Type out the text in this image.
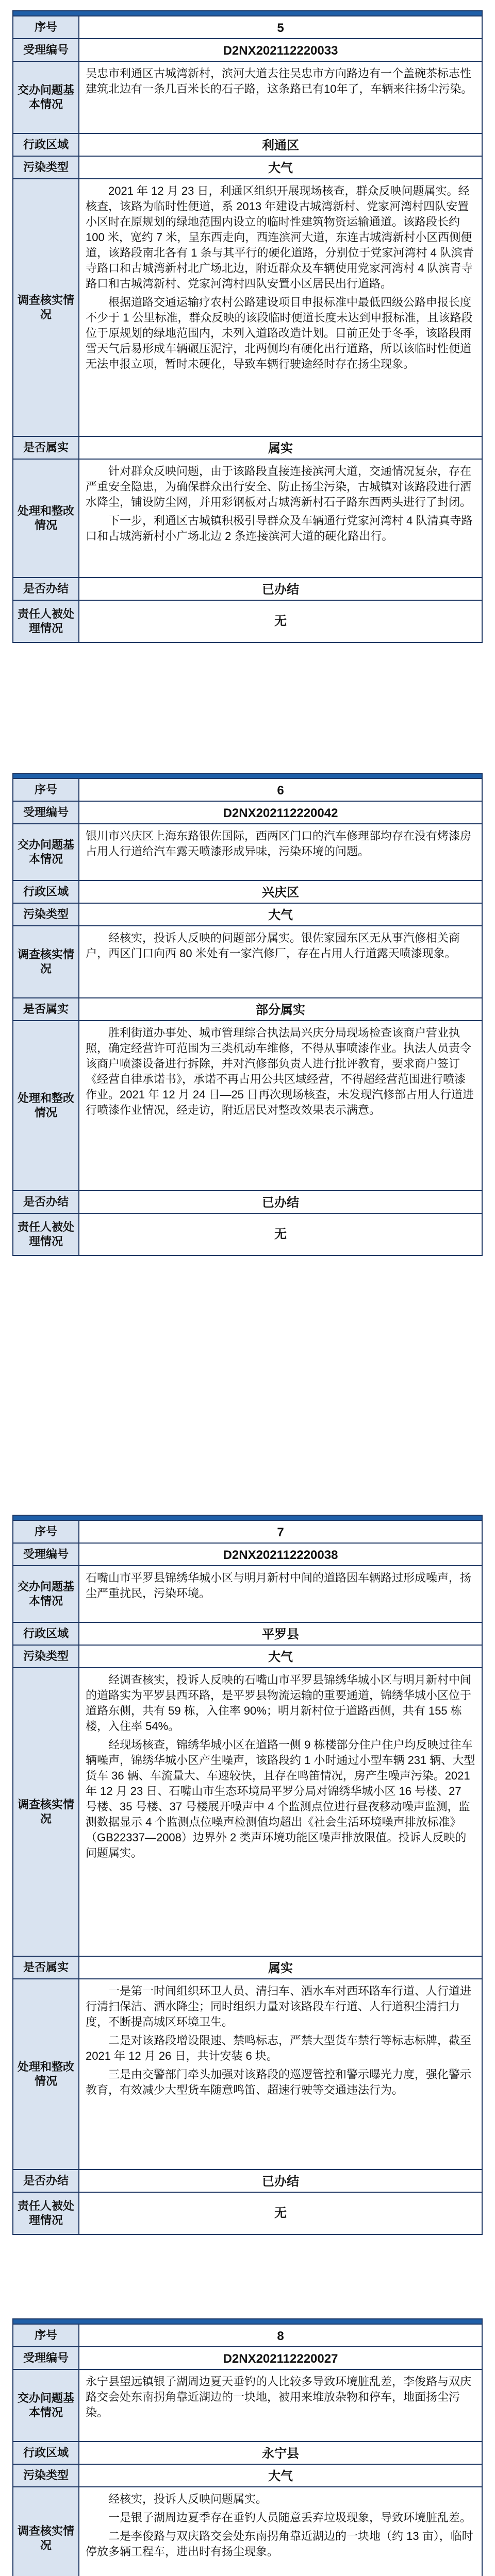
序号	5
受理编号	D2NX202112220033
交办问题基本情况
吴忠市利通区古城湾新村，滨河大道去往吴忠市方向路边有一个盖碗茶标志性建筑北边有一条几百米长的石子路，这条路已有10年了，车辆来往扬尘污染。
行政区域	利通区
污染类型	大气
调查核实情况

2021 年 12 月 23 日，利通区组织开展现场核查，群众反映问题属实。经核查，该路为临时性便道，系 2013 年建设古城湾新村、党家河湾村四队安置小区时在原规划的绿地范围内设立的临时性建筑物资运输通道。该路段长约 100 米，宽约 7 米，呈东西走向，西连滨河大道，东连古城湾新村小区西侧便道，该路段南北各有 1 条与其平行的硬化道路，分别位于党家河湾村 4 队滨青寺路口和古城湾新村北广场北边，附近群众及车辆使用党家河湾村 4 队滨青寺路口和古城湾新村、党家河湾村四队安置小区居民出行道路。

根据道路交通运输疗农村公路建设项目申报标准中最低四级公路申报长度不少于 1 公里标准，群众反映的该段临时便道长度未达到申报标准，且该路段位于原规划的绿地范围内，未列入道路改造计划。目前正处于冬季，该路段雨雪天气后易形成车辆碾压泥泞，北两侧均有硬化出行道路，所以该临时性便道无法申报立项，暂时未硬化，导致车辆行驶途经时存在扬尘现象。

是否属实	属实
处理和整改情况

针对群众反映问题，由于该路段直接连接滨河大道，交通情况复杂，存在严重安全隐患，为确保群众出行安全、防止扬尘污染，古城镇对该路段进行洒水降尘，铺设防尘网，并用彩钢板对古城湾新村石子路东西两头进行了封闭。

下一步，利通区古城镇积极引导群众及车辆通行党家河湾村 4 队清真寺路口和古城湾新村小广场北边 2 条连接滨河大道的硬化路出行。

是否办结	已办结
责任人被处理情况
无
序号	6
受理编号	D2NX202112220042
交办问题基本情况
银川市兴庆区上海东路银佐国际，西两区门口的汽车修理部均存在没有烤漆房占用人行道给汽车露天喷漆形成异味，污染环境的问题。
行政区域	兴庆区
污染类型	大气
调查核实情况

经核实，投诉人反映的问题部分属实。银佐家园东区无从事汽修相关商户，西区门口向西 80 米处有一家汽修厂，存在占用人行道露天喷漆现象。

是否属实	部分属实
处理和整改情况

胜利街道办事处、城市管理综合执法局兴庆分局现场检查该商户营业执照，确定经营许可范围为三类机动车维修，不得从事喷漆作业。执法人员责令该商户喷漆设备进行拆除，并对汽修部负责人进行批评教育，要求商户签订《经营自律承诺书》，承诺不再占用公共区域经营，不得超经营范围进行喷漆作业。2021 年 12 月 24 日—25 日再次现场核查，未发现汽修部占用人行道进行喷漆作业情况，经走访，附近居民对整改效果表示满意。

是否办结	已办结
责任人被处理情况
无
序号	7
受理编号	D2NX202112220038
交办问题基本情况
石嘴山市平罗县锦绣华城小区与明月新村中间的道路因车辆路过形成噪声，扬尘严重扰民，污染环境。
行政区域	平罗县
污染类型	大气
调查核实情况

经调查核实，投诉人反映的石嘴山市平罗县锦绣华城小区与明月新村中间的道路实为平罗县西环路，是平罗县物流运输的重要通道，锦绣华城小区位于道路东侧，共有 59 栋，入住率 90%；明月新村位于道路西侧，共有 155 栋楼，入住率 54%。

经现场核查，锦绣华城小区在道路一侧 9 栋楼部分住户住户均反映过往车辆噪声，锦绣华城小区产生噪声，该路段约 1 小时通过小型车辆 231 辆、大型货车 36 辆、车流量大、车速较快，且存在鸣笛情况，房产生噪声污染。2021 年 12 月 23 日、石嘴山市生态环境局平罗分局对锦绣华城小区 16 号楼、27 号楼、35 号楼、37 号楼展开噪声中 4 个监测点位进行昼夜移动噪声监测，监测数据显示 4 个监测点位噪声检测值均超出《社会生活环境噪声排放标准》（GB22337—2008）边界外 2 类声环境功能区噪声排放限值。投诉人反映的问题属实。

是否属实	属实
处理和整改情况

一是第一时间组织环卫人员、清扫车、洒水车对西环路车行道、人行道进行清扫保洁、洒水降尘；同时组织力量对该路段车行道、人行道积尘清扫力度，不断提高城区环境卫生。

二是对该路段增设限速、禁鸣标志，严禁大型货车禁行等标志标牌，截至 2021 年 12 月 26 日，共计安装 6 块。

三是由交警部门牵头加强对该路段的巡逻管控和警示曝光力度，强化警示教育，有效减少大型货车随意鸣笛、超速行驶等交通违法行为。

是否办结	已办结
责任人被处理情况
无
序号	8
受理编号	D2NX202112220027
交办问题基本情况
永宁县望远镇银子湖周边夏天垂钓的人比较多导致环境脏乱差，李俊路与双庆路交会处东南拐角靠近湖边的一块地，被用来堆放杂物和停车，地面扬尘污染。
行政区域	永宁县
污染类型	大气
调查核实情况

经核实，投诉人反映问题属实。

一是银子湖周边夏季存在垂钓人员随意丢弃垃圾现象，导致环境脏乱差。

二是李俊路与双庆路交会处东南拐角靠近湖边的一块地（约 13 亩），临时停放多辆工程车，进出时有扬尘现象。
